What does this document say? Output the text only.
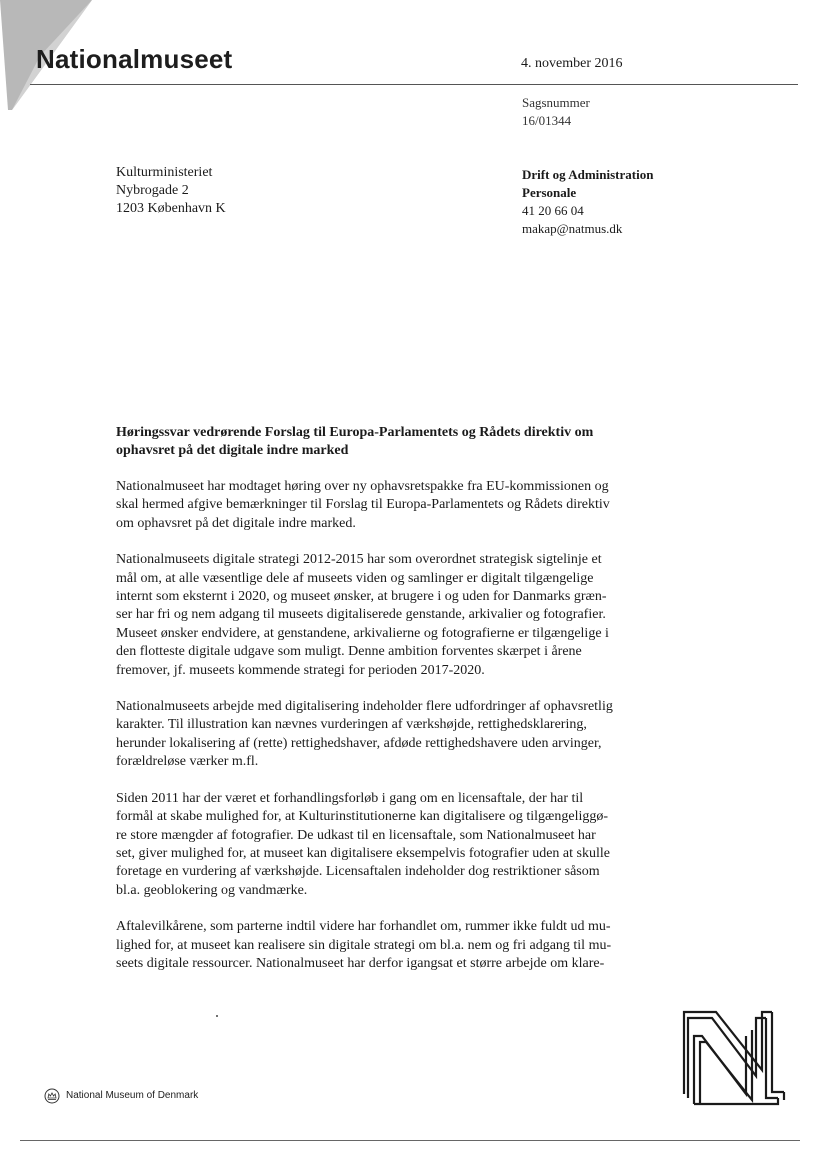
Nationalmuseet	4. november 2016
Sagsnummer
16/01344
Kulturministeriet
Nybrogade 2
1203 København K
Drift og Administration
Personale
41 20 66 04
makap@natmus.dk
Høringssvar vedrørende Forslag til Europa-Parlamentets og Rådets direktiv om
ophavsret på det digitale indre marked

Nationalmuseet har modtaget høring over ny ophavsretspakke fra EU-kommissionen og
skal hermed afgive bemærkninger til Forslag til Europa-Parlamentets og Rådets direktiv
om ophavsret på det digitale indre marked.

Nationalmuseets digitale strategi 2012-2015 har som overordnet strategisk sigtelinje et
mål om, at alle væsentlige dele af museets viden og samlinger er digitalt tilgængelige
internt som eksternt i 2020, og museet ønsker, at brugere i og uden for Danmarks græn-
ser har fri og nem adgang til museets digitaliserede genstande, arkivalier og fotografier.
Museet ønsker endvidere, at genstandene, arkivalierne og fotografierne er tilgængelige i
den flotteste digitale udgave som muligt. Denne ambition forventes skærpet i årene
fremover, jf. museets kommende strategi for perioden 2017-2020.

Nationalmuseets arbejde med digitalisering indeholder flere udfordringer af ophavsretlig
karakter. Til illustration kan nævnes vurderingen af værkshøjde, rettighedsklarering,
herunder lokalisering af (rette) rettighedshaver, afdøde rettighedshavere uden arvinger,
forældreløse værker m.fl.

Siden 2011 har der været et forhandlingsforløb i gang om en licensaftale, der har til
formål at skabe mulighed for, at Kulturinstitutionerne kan digitalisere og tilgængeliggø-
re store mængder af fotografier. De udkast til en licensaftale, som Nationalmuseet har
set, giver mulighed for, at museet kan digitalisere eksempelvis fotografier uden at skulle
foretage en vurdering af værkshøjde. Licensaftalen indeholder dog restriktioner såsom
bl.a. geoblokering og vandmærke.

Aftalevilkårene, som parterne indtil videre har forhandlet om, rummer ikke fuldt ud mu-
lighed for, at museet kan realisere sin digitale strategi om bl.a. nem og fri adgang til mu-
seets digitale ressourcer. Nationalmuseet har derfor igangsat et større arbejde om klare-

National Museum of Denmark
